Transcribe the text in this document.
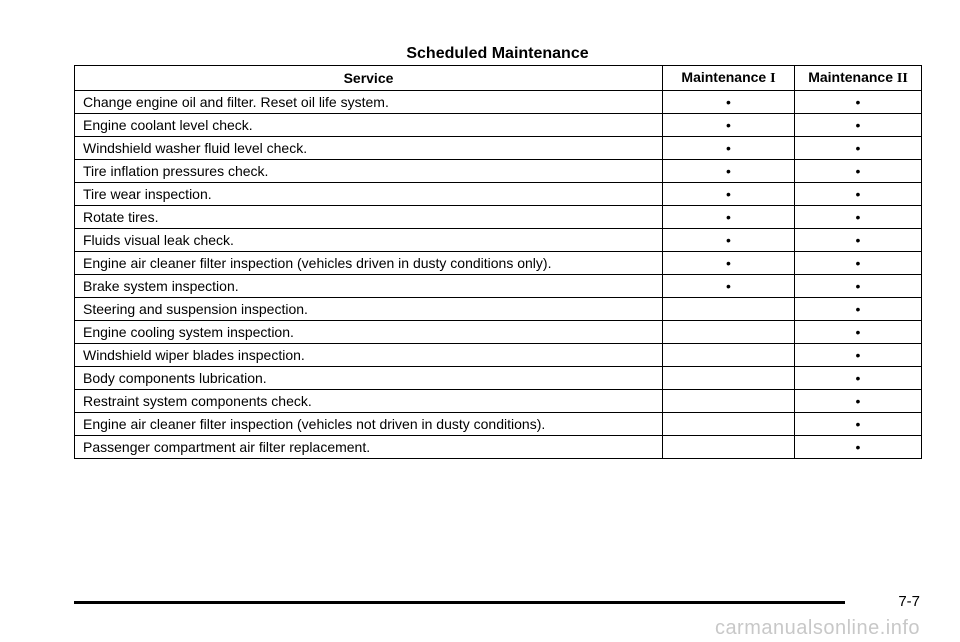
Scheduled Maintenance
Service	Maintenance I	Maintenance II
Change engine oil and filter. Reset oil life system.	•	•
Engine coolant level check.	•	•
Windshield washer fluid level check.	•	•
Tire inflation pressures check.	•	•
Tire wear inspection.	•	•
Rotate tires.	•	•
Fluids visual leak check.	•	•
Engine air cleaner filter inspection (vehicles driven in dusty conditions only).	•	•
Brake system inspection.	•	•
Steering and suspension inspection.		•
Engine cooling system inspection.		•
Windshield wiper blades inspection.		•
Body components lubrication.		•
Restraint system components check.		•
Engine air cleaner filter inspection (vehicles not driven in dusty conditions).		•
Passenger compartment air filter replacement.		•
7-7
carmanualsonline.info
